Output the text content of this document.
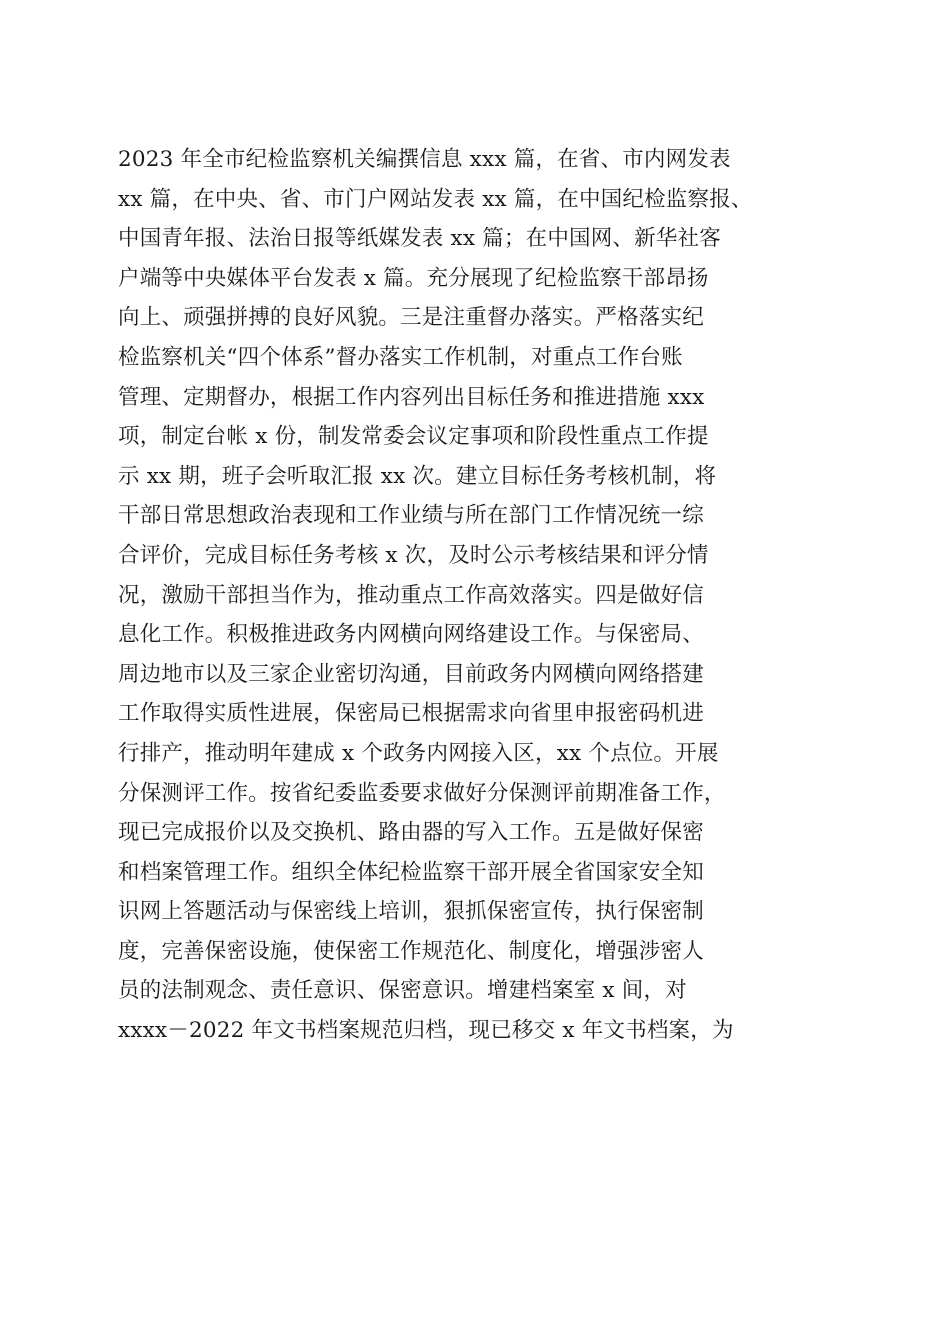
2023 年全市纪检监察机关编撰信息 xxx 篇，在省、市内网发表
xx 篇，在中央、省、市门户网站发表 xx 篇，在中国纪检监察报、
中国青年报、法治日报等纸媒发表 xx 篇；在中国网、新华社客
户端等中央媒体平台发表 x 篇。充分展现了纪检监察干部昂扬
向上、顽强拼搏的良好风貌。三是注重督办落实。严格落实纪
检监察机关“四个体系”督办落实工作机制，对重点工作台账
管理、定期督办，根据工作内容列出目标任务和推进措施 xxx
项，制定台帐 x 份，制发常委会议定事项和阶段性重点工作提
示 xx 期，班子会听取汇报 xx 次。建立目标任务考核机制，将
干部日常思想政治表现和工作业绩与所在部门工作情况统一综
合评价，完成目标任务考核 x 次，及时公示考核结果和评分情
况，激励干部担当作为，推动重点工作高效落实。四是做好信
息化工作。积极推进政务内网横向网络建设工作。与保密局、
周边地市以及三家企业密切沟通，目前政务内网横向网络搭建
工作取得实质性进展，保密局已根据需求向省里申报密码机进
行排产，推动明年建成 x 个政务内网接入区，xx 个点位。开展
分保测评工作。按省纪委监委要求做好分保测评前期准备工作，
现已完成报价以及交换机、路由器的写入工作。五是做好保密
和档案管理工作。组织全体纪检监察干部开展全省国家安全知
识网上答题活动与保密线上培训，狠抓保密宣传，执行保密制
度，完善保密设施，使保密工作规范化、制度化，增强涉密人
员的法制观念、责任意识、保密意识。增建档案室 x 间，对
xxxx－2022 年文书档案规范归档，现已移交 x 年文书档案，为
